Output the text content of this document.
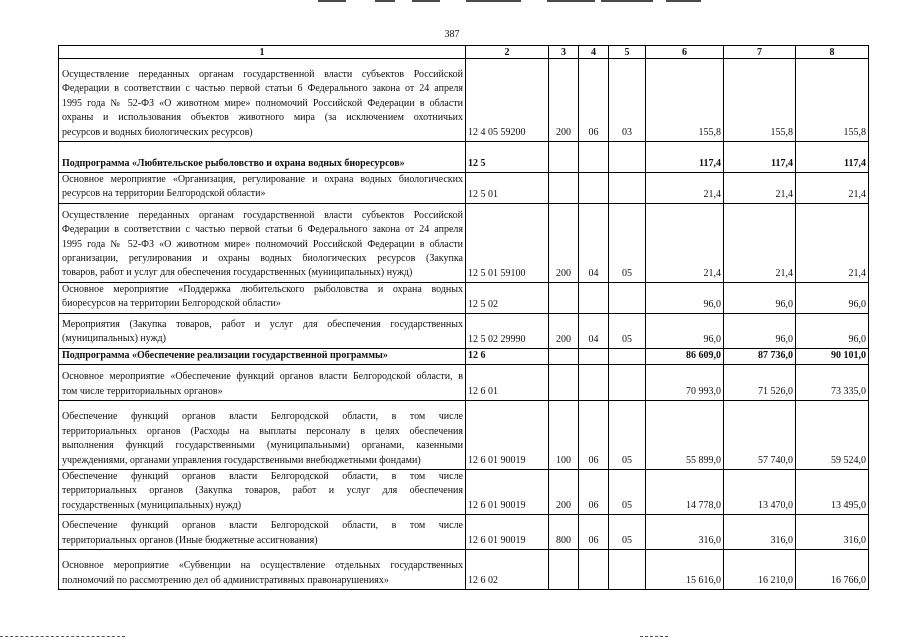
387
1	2	3	4	5	6	7	8

Осуществление переданных органам государственной власти субъектов Российской
Федерации в соответствии с частью первой статьи 6 Федерального закона от 24 апреля
1995 года № 52-ФЗ «О животном мире» полномочий Российской Федерации в области
охраны и использования объектов животного мира (за исключением охотничьих
ресурсов и водных биологических ресурсов)	12 4 05 59200	200	06	03	155,8	155,8	155,8

Подпрограмма «Любительское рыболовство и охрана водных биоресурсов»	12 5				117,4	117,4	117,4

Основное мероприятие «Организация, регулирование и охрана водных биологических
ресурсов на территории Белгородской области»	12 5 01				21,4	21,4	21,4

Осуществление переданных органам государственной власти субъектов Российской
Федерации в соответствии с частью первой статьи 6 Федерального закона от 24 апреля
1995 года № 52-ФЗ «О животном мире» полномочий Российской Федерации в области
организации, регулирования и охраны водных биологических ресурсов (Закупка
товаров, работ и услуг для обеспечения государственных (муниципальных) нужд)	12 5 01 59100	200	04	05	21,4	21,4	21,4

Основное мероприятие «Поддержка любительского рыболовства и охрана водных
биоресурсов на территории Белгородской области»	12 5 02				96,0	96,0	96,0

Мероприятия (Закупка товаров, работ и услуг для обеспечения государственных
(муниципальных) нужд)	12 5 02 29990	200	04	05	96,0	96,0	96,0

Подпрограмма «Обеспечение реализации государственной программы»	12 6				86 609,0	87 736,0	90 101,0

Основное мероприятие «Обеспечение функций органов власти Белгородской области, в
том числе территориальных органов»	12 6 01				70 993,0	71 526,0	73 335,0

Обеспечение функций органов власти Белгородской области, в том числе
территориальных органов (Расходы на выплаты персоналу в целях обеспечения
выполнения функций государственными (муниципальными) органами, казенными
учреждениями, органами управления государственными внебюджетными фондами)	12 6 01 90019	100	06	05	55 899,0	57 740,0	59 524,0

Обеспечение функций органов власти Белгородской области, в том числе
территориальных органов (Закупка товаров, работ и услуг для обеспечения
государственных (муниципальных) нужд)	12 6 01 90019	200	06	05	14 778,0	13 470,0	13 495,0

Обеспечение функций органов власти Белгородской области, в том числе
территориальных органов (Иные бюджетные ассигнования)	12 6 01 90019	800	06	05	316,0	316,0	316,0

Основное мероприятие «Субвенции на осуществление отдельных государственных
полномочий по рассмотрению дел об административных правонарушениях»	12 6 02				15 616,0	16 210,0	16 766,0
